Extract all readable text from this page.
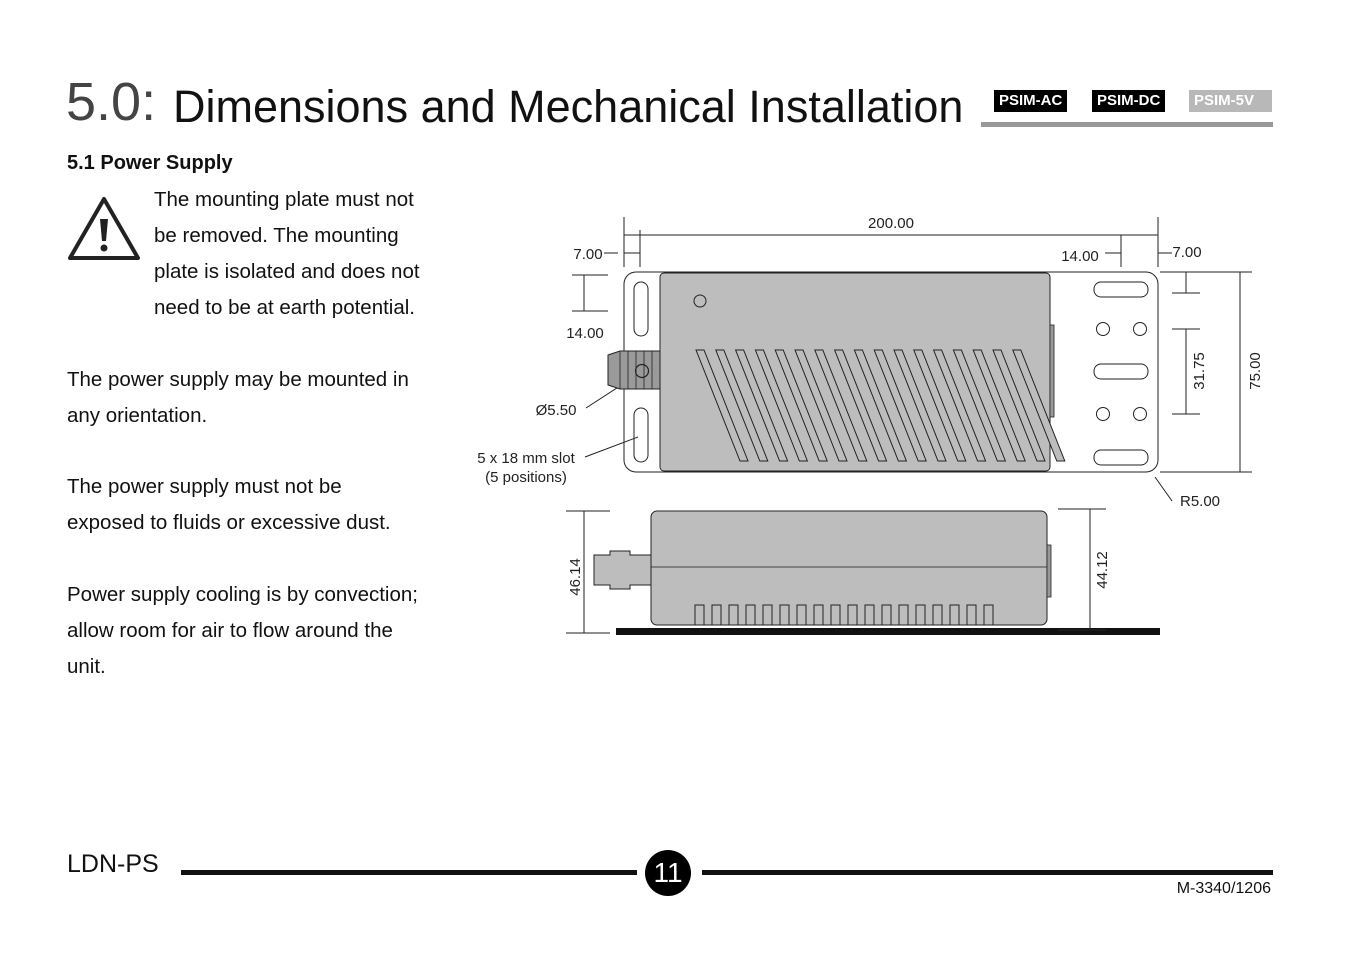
5.0: Dimensions and Mechanical Installation	PSIM-AC	PSIM-DC	PSIM-5V
5.1 Power Supply
The mounting plate must not
be removed. The mounting
plate is isolated and does not
need to be at earth potential.
The power supply may be mounted in
any orientation.
The power supply must not be
exposed to fluids or excessive dust.
Power supply cooling is by convection;
allow room for air to flow around the
unit.
200.00
7.00	14.00	7.00
14.00
Ø5.50
5 x 18 mm slot
(5 positions)
31.75	75.00
R5.00
46.14	44.12
LDN-PS	11
M-3340/1206
